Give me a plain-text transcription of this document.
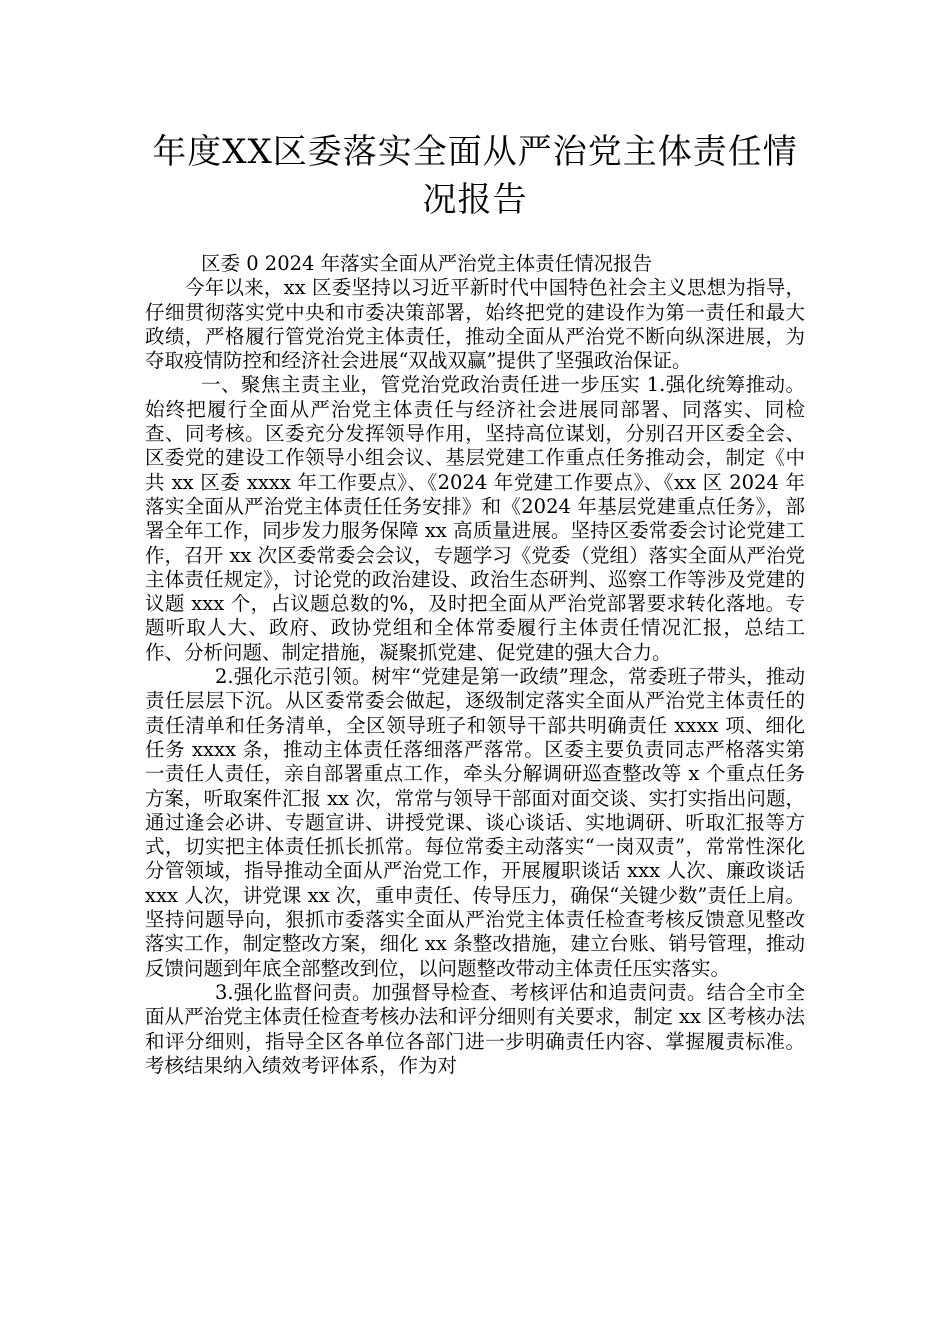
年度XX区委落实全面从严治党主体责任情况报告

区委 0 2024 年落实全面从严治党主体责任情况报告

今年以来，xx 区委坚持以习近平新时代中国特色社会主义思想为指导，仔细贯彻落实党中央和市委决策部署，始终把党的建设作为第一责任和最大政绩，严格履行管党治党主体责任，推动全面从严治党不断向纵深进展，为夺取疫情防控和经济社会进展“双战双赢”提供了坚强政治保证。

一、聚焦主责主业，管党治党政治责任进一步压实 1.强化统筹推动。始终把履行全面从严治党主体责任与经济社会进展同部署、同落实、同检查、同考核。区委充分发挥领导作用，坚持高位谋划，分别召开区委全会、区委党的建设工作领导小组会议、基层党建工作重点任务推动会，制定《中共 xx 区委 xxxx 年工作要点》、《2024 年党建工作要点》、《xx 区 2024 年落实全面从严治党主体责任任务安排》和《2024 年基层党建重点任务》，部署全年工作，同步发力服务保障 xx 高质量进展。坚持区委常委会讨论党建工作，召开 xx 次区委常委会会议，专题学习《党委（党组）落实全面从严治党主体责任规定》，讨论党的政治建设、政治生态研判、巡察工作等涉及党建的议题 xxx 个，占议题总数的%，及时把全面从严治党部署要求转化落地。专题听取人大、政府、政协党组和全体常委履行主体责任情况汇报，总结工作、分析问题、制定措施，凝聚抓党建、促党建的强大合力。

2.强化示范引领。树牢“党建是第一政绩”理念，常委班子带头，推动责任层层下沉。从区委常委会做起，逐级制定落实全面从严治党主体责任的责任清单和任务清单，全区领导班子和领导干部共明确责任 xxxx 项、细化任务 xxxx 条，推动主体责任落细落严落常。区委主要负责同志严格落实第一责任人责任，亲自部署重点工作，牵头分解调研巡查整改等 x 个重点任务方案，听取案件汇报 xx 次，常常与领导干部面对面交谈、实打实指出问题，通过逢会必讲、专题宣讲、讲授党课、谈心谈话、实地调研、听取汇报等方式，切实把主体责任抓长抓常。每位常委主动落实“一岗双责”，常常性深化分管领域，指导推动全面从严治党工作，开展履职谈话 xxx 人次、廉政谈话 xxx 人次，讲党课 xx 次，重申责任、传导压力，确保“关键少数”责任上肩。坚持问题导向，狠抓市委落实全面从严治党主体责任检查考核反馈意见整改落实工作，制定整改方案，细化 xx 条整改措施，建立台账、销号管理，推动反馈问题到年底全部整改到位，以问题整改带动主体责任压实落实。

3.强化监督问责。加强督导检查、考核评估和追责问责。结合全市全面从严治党主体责任检查考核办法和评分细则有关要求，制定 xx 区考核办法和评分细则，指导全区各单位各部门进一步明确责任内容、掌握履责标准。考核结果纳入绩效考评体系，作为对
